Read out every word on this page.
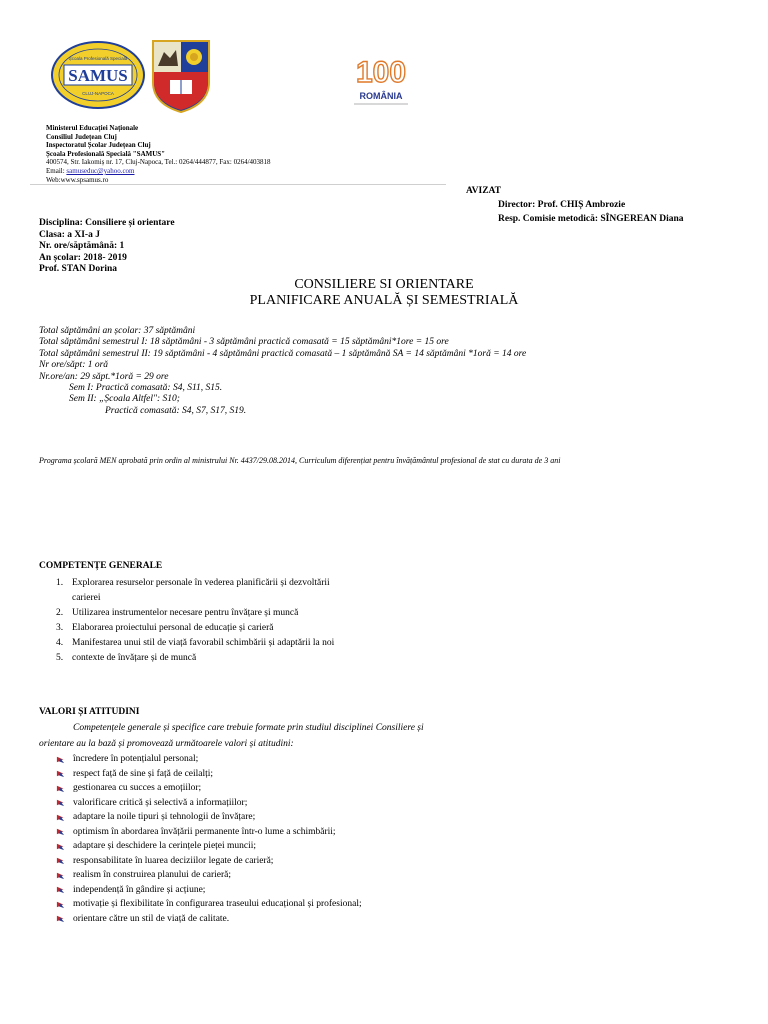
SAMUS
Școala Profesională Specială
CLUJ-NAPOCA
100
ROMÂNIA
Ministerul Educației Naționale
Consiliul Județean Cluj
Inspectoratul Școlar Județean Cluj
Școala Profesională Specială "SAMUS"
400574, Str. Iakomiș nr. 17, Cluj-Napoca, Tel.: 0264/444877, Fax: 0264/403818
Email: samuseduc@yahoo.com
Web:www.spsamus.ro
AVIZAT
Director: Prof. CHIȘ Ambrozie
Resp. Comisie metodică: SÎNGEREAN Diana
Disciplina: Consiliere și orientare
Clasa: a XI-a J
Nr. ore/săptămână: 1
An școlar: 2018- 2019
Prof. STAN Dorina
CONSILIERE SI ORIENTARE
PLANIFICARE ANUALĂ ȘI SEMESTRIALĂ
Total săptămâni an școlar: 37 săptămâni
Total săptămâni semestrul I: 18 săptămâni - 3 săptămâni practică comasată = 15 săptămâni*1ore = 15 ore
Total săptămâni semestrul II: 19 săptămâni - 4 săptămâni practică comasată – 1 săptămână SA = 14 săptămâni *1oră = 14 ore
Nr ore/săpt: 1 oră
Nr.ore/an: 29 săpt.*1oră = 29 ore
Sem I: Practică comasată: S4, S11, S15.
Sem II: „Școala Altfel": S10;
Practică comasată: S4, S7, S17, S19.
Programa școlară MEN aprobată prin ordin al ministrului Nr. 4437/29.08.2014, Curriculum diferențiat pentru învățământul profesional de stat cu durata de 3 ani
COMPETENȚE GENERALE
1. Explorarea resurselor personale în vederea planificării și dezvoltării
carierei
2. Utilizarea instrumentelor necesare pentru învățare și muncă
3. Elaborarea proiectului personal de educație și carieră
4. Manifestarea unui stil de viață favorabil schimbării și adaptării la noi
5. contexte de învățare și de muncă
VALORI ȘI ATITUDINI
Competențele generale și specifice care trebuie formate prin studiul disciplinei Consiliere și
orientare au la bază și promovează următoarele valori și atitudini:
încredere în potențialul personal;
respect față de sine și față de ceilalți;
gestionarea cu succes a emoțiilor;
valorificare critică și selectivă a informațiilor;
adaptare la noile tipuri și tehnologii de învățare;
optimism în abordarea învățării permanente într-o lume a schimbării;
adaptare și deschidere la cerințele pieței muncii;
responsabilitate în luarea deciziilor legate de carieră;
realism în construirea planului de carieră;
independență în gândire și acțiune;
motivație și flexibilitate în configurarea traseului educațional și profesional;
orientare către un stil de viață de calitate.
